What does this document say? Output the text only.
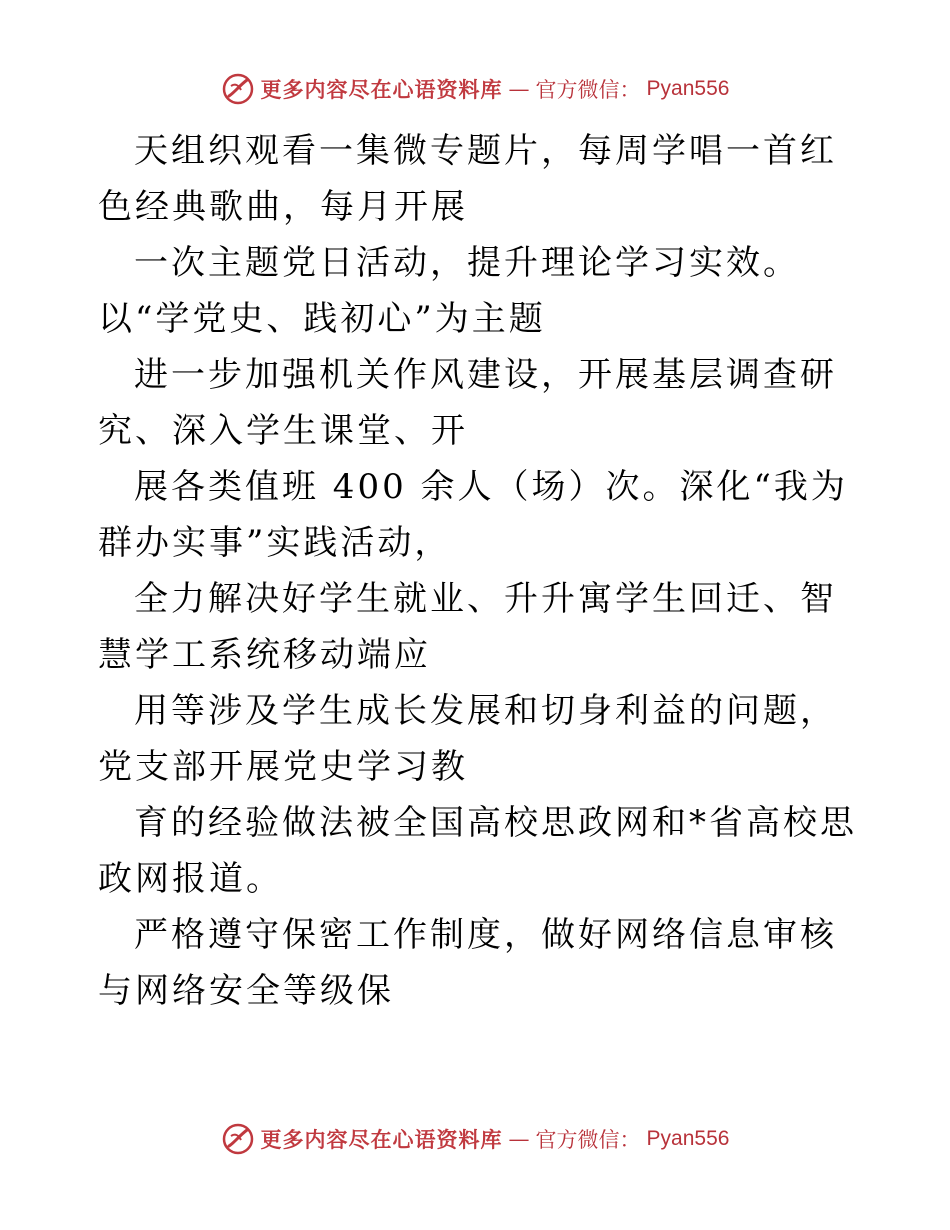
更多内容尽在心语资料库 — 官方微信： Pyan556

天组织观看一集微专题片，每周学唱一首红色经典歌曲，每月开展

一次主题党日活动，提升理论学习实效。以“学党史、践初心”为主题

进一步加强机关作风建设，开展基层调查研究、深入学生课堂、开

展各类值班 400 余人（场）次。深化“我为群办实事”实践活动，

全力解决好学生就业、升升寓学生回迁、智慧学工系统移动端应

用等涉及学生成长发展和切身利益的问题，党支部开展党史学习教

育的经验做法被全国高校思政网和*省高校思政网报道。

严格遵守保密工作制度，做好网络信息审核与网络安全等级保

更多内容尽在心语资料库 — 官方微信： Pyan556
